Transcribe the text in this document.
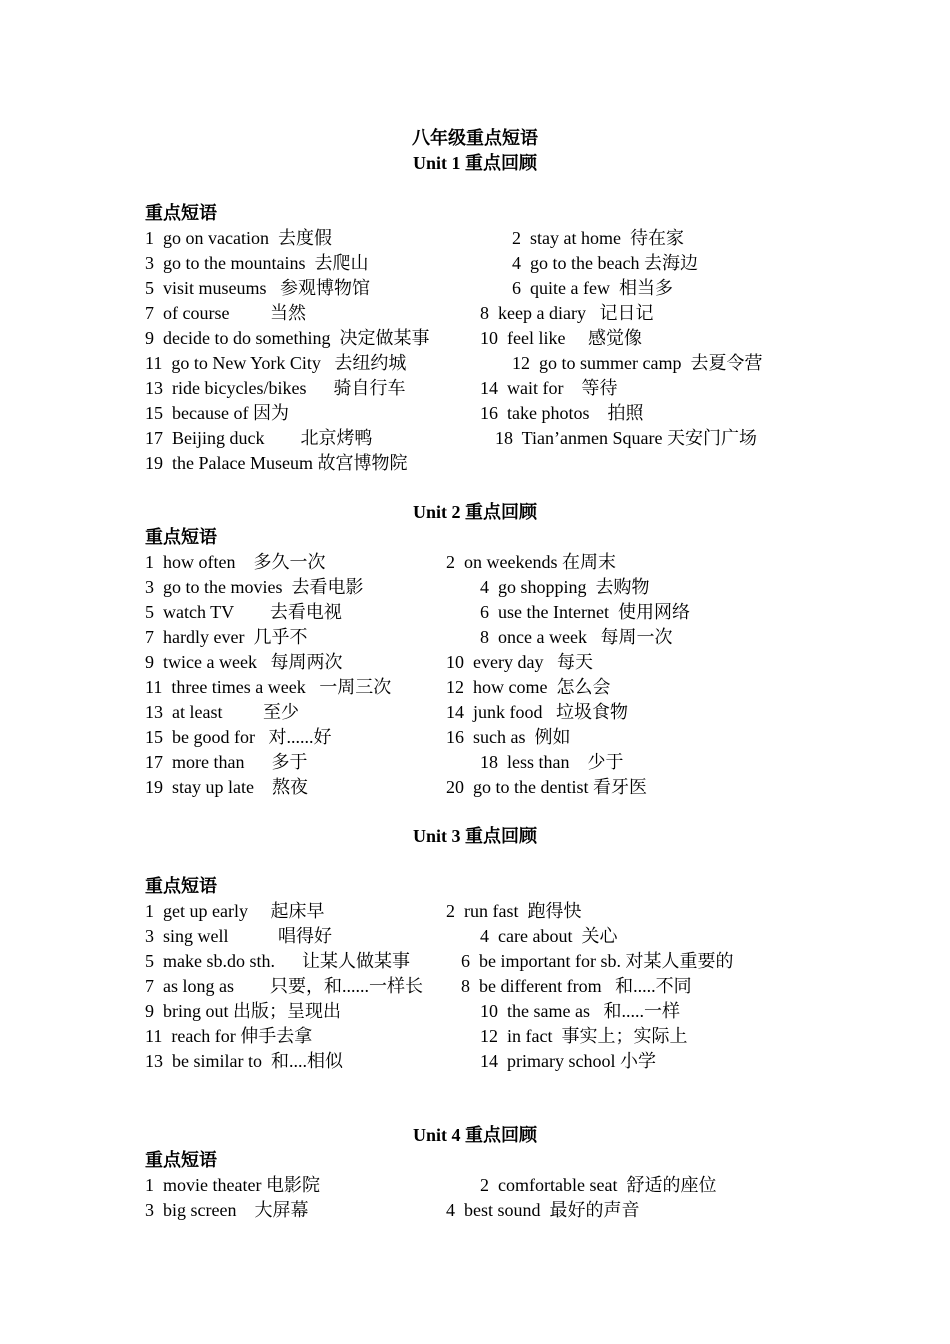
八年级重点短语
Unit 1 重点回顾
重点短语
1  go on vacation  去度假	2  stay at home  待在家
3  go to the mountains  去爬山	4  go to the beach 去海边
5  visit museums   参观博物馆	6  quite a few  相当多
7  of course         当然	8  keep a diary   记日记
9  decide to do something  决定做某事	10  feel like     感觉像
11  go to New York City   去纽约城	12  go to summer camp  去夏令营
13  ride bicycles/bikes      骑自行车	14  wait for    等待
15  because of 因为	16  take photos    拍照
17  Beijing duck        北京烤鸭	18  Tian’anmen Square 天安门广场
19  the Palace Museum 故宫博物院
Unit 2 重点回顾
重点短语
1  how often    多久一次	2  on weekends 在周末
3  go to the movies  去看电影	4  go shopping  去购物
5  watch TV        去看电视	6  use the Internet  使用网络
7  hardly ever  几乎不	8  once a week   每周一次
9  twice a week   每周两次	10  every day   每天
11  three times a week   一周三次	12  how come  怎么会
13  at least         至少	14  junk food   垃圾食物
15  be good for   对......好	16  such as  例如
17  more than      多于	18  less than    少于
19  stay up late    熬夜	20  go to the dentist 看牙医
Unit 3 重点回顾
重点短语
1  get up early     起床早	2  run fast  跑得快
3  sing well           唱得好	4  care about  关心
5  make sb.do sth.      让某人做某事	6  be important for sb. 对某人重要的
7  as long as        只要，和......一样长 8  be different from   和.....不同
9  bring out 出版；呈现出	10  the same as   和.....一样
11  reach for 伸手去拿	12  in fact  事实上；实际上
13  be similar to  和....相似	14  primary school 小学
Unit 4 重点回顾
重点短语
1  movie theater 电影院	2  comfortable seat  舒适的座位
3  big screen    大屏幕	4  best sound  最好的声音
